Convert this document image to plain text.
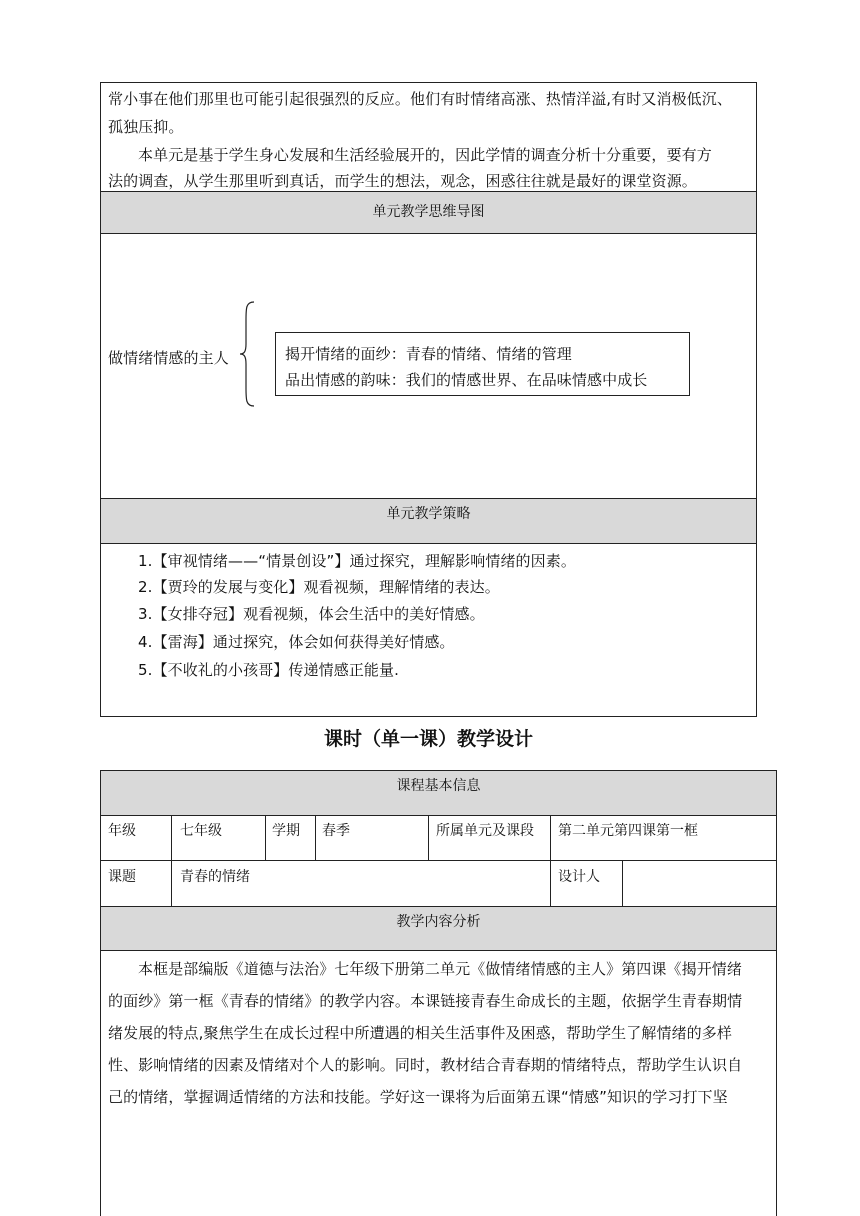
常小事在他们那里也可能引起很强烈的反应。他们有时情绪高涨、热情洋溢,有时又消极低沉、
孤独压抑。
本单元是基于学生身心发展和生活经验展开的，因此学情的调查分析十分重要，要有方
法的调查，从学生那里听到真话，而学生的想法，观念，困惑往往就是最好的课堂资源。
单元教学思维导图
做情绪情感的主人	揭开情绪的面纱：青春的情绪、情绪的管理
品出情感的韵味：我们的情感世界、在品味情感中成长
单元教学策略
1.【审视情绪——“情景创设”】通过探究，理解影响情绪的因素。
2.【贾玲的发展与变化】观看视频，理解情绪的表达。
3.【女排夺冠】观看视频，体会生活中的美好情感。
4.【雷海】通过探究，体会如何获得美好情感。
5.【不收礼的小孩哥】传递情感正能量.
课时（单一课）教学设计
课程基本信息
年级	七年级	学期 春季	所属单元及课段 第二单元第四课第一框
课题	青春的情绪	设计人
教学内容分析
本框是部编版《道德与法治》七年级下册第二单元《做情绪情感的主人》第四课《揭开情绪
的面纱》第一框《青春的情绪》的教学内容。本课链接青春生命成长的主题，依据学生青春期情
绪发展的特点,聚焦学生在成长过程中所遭遇的相关生活事件及困惑，帮助学生了解情绪的多样
性、影响情绪的因素及情绪对个人的影响。同时，教材结合青春期的情绪特点，帮助学生认识自
己的情绪，掌握调适情绪的方法和技能。学好这一课将为后面第五课“情感”知识的学习打下坚
